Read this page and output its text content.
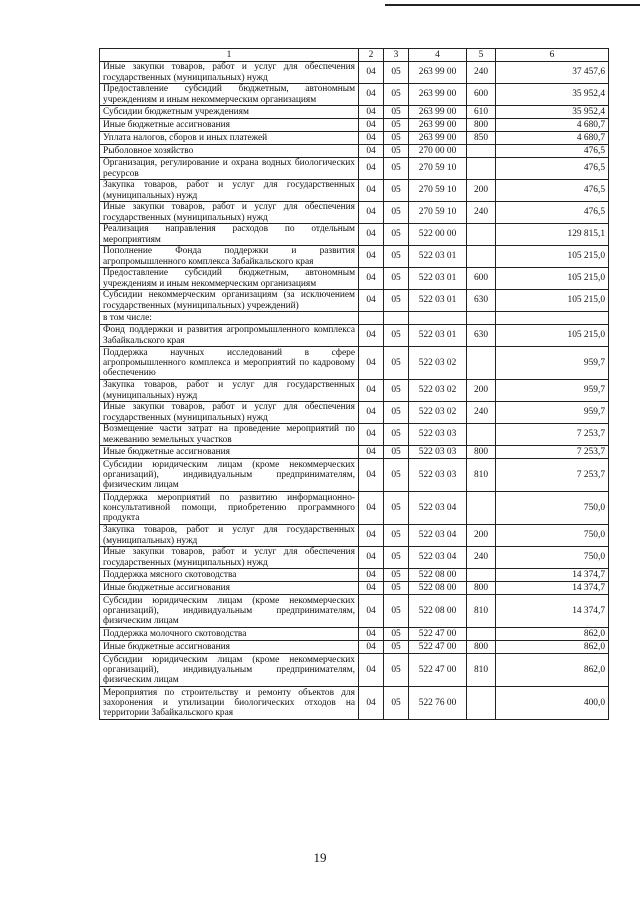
1	2	3	4	5	6
Иные закупки товаров, работ и услуг для обеспечения государственных (муниципальных) нужд	04	05	263 99 00	240	37 457,6
Предоставление субсидий бюджетным, автономным учреждениям и иным некоммерческим организациям	04	05	263 99 00	600	35 952,4
Субсидии бюджетным учреждениям	04	05	263 99 00	610	35 952,4
Иные бюджетные ассигнования	04	05	263 99 00	800	4 680,7
Уплата налогов, сборов и иных платежей	04	05	263 99 00	850	4 680,7
Рыболовное хозяйство	04	05	270 00 00		476,5
Организация, регулирование и охрана водных биологических ресурсов	04	05	270 59 10		476,5
Закупка товаров, работ и услуг для государственных (муниципальных) нужд	04	05	270 59 10	200	476,5
Иные закупки товаров, работ и услуг для обеспечения государственных (муниципальных) нужд	04	05	270 59 10	240	476,5
Реализация направления расходов по отдельным мероприятиям	04	05	522 00 00		129 815,1
Пополнение Фонда поддержки и развития агропромышленного комплекса Забайкальского края	04	05	522 03 01		105 215,0
Предоставление субсидий бюджетным, автономным учреждениям и иным некоммерческим организациям	04	05	522 03 01	600	105 215,0
Субсидии некоммерческим организациям (за исключением государственных (муниципальных) учреждений)	04	05	522 03 01	630	105 215,0
в том числе:					
Фонд поддержки и развития агропромышленного комплекса Забайкальского края	04	05	522 03 01	630	105 215,0
Поддержка научных исследований в сфере агропромышленного комплекса и мероприятий по кадровому обеспечению	04	05	522 03 02		959,7
Закупка товаров, работ и услуг для государственных (муниципальных) нужд	04	05	522 03 02	200	959,7
Иные закупки товаров, работ и услуг для обеспечения государственных (муниципальных) нужд	04	05	522 03 02	240	959,7
Возмещение части затрат на проведение мероприятий по межеванию земельных участков	04	05	522 03 03		7 253,7
Иные бюджетные ассигнования	04	05	522 03 03	800	7 253,7
Субсидии юридическим лицам (кроме некоммерческих организаций), индивидуальным предпринимателям, физическим лицам	04	05	522 03 03	810	7 253,7
Поддержка мероприятий по развитию информационно-консультативной помощи, приобретению программного продукта	04	05	522 03 04		750,0
Закупка товаров, работ и услуг для государственных (муниципальных) нужд	04	05	522 03 04	200	750,0
Иные закупки товаров, работ и услуг для обеспечения государственных (муниципальных) нужд	04	05	522 03 04	240	750,0
Поддержка мясного скотоводства	04	05	522 08 00		14 374,7
Иные бюджетные ассигнования	04	05	522 08 00	800	14 374,7
Субсидии юридическим лицам (кроме некоммерческих организаций), индивидуальным предпринимателям, физическим лицам	04	05	522 08 00	810	14 374,7
Поддержка молочного скотоводства	04	05	522 47 00		862,0
Иные бюджетные ассигнования	04	05	522 47 00	800	862,0
Субсидии юридическим лицам (кроме некоммерческих организаций), индивидуальным предпринимателям, физическим лицам	04	05	522 47 00	810	862,0
Мероприятия по строительству и ремонту объектов для захоронения и утилизации биологических отходов на территории Забайкальского края	04	05	522 76 00		400,0
19
